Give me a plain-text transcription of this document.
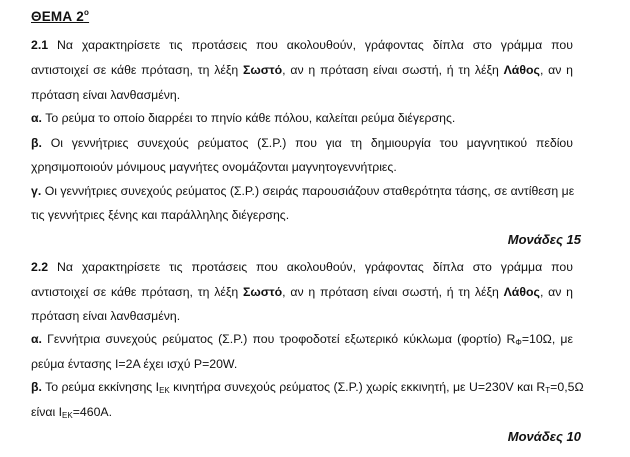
ΘΕΜΑ $2^o$
2.1 Να χαρακτηρίσετε τις προτάσεις που ακολουθούν, γράφοντας δίπλα στο γράμμα που
αντιστοιχεί σε κάθε πρόταση, τη λέξη Σωστό, αν η πρόταση είναι σωστή, ή τη λέξη Λάθος, αν η
πρόταση είναι λανθασμένη.
α. Το ρεύμα το οποίο διαρρέει το πηνίο κάθε πόλου, καλείται ρεύμα διέγερσης.
β. Οι γεννήτριες συνεχούς ρεύματος (Σ.Ρ.) που για τη δημιουργία του μαγνητικού πεδίου
χρησιμοποιούν μόνιμους μαγνήτες ονομάζονται μαγνητογεννήτριες.
γ. Οι γεννήτριες συνεχούς ρεύματος (Σ.Ρ.) σειράς παρουσιάζουν σταθερότητα τάσης, σε αντίθεση με
τις γεννήτριες ξένης και παράλληλης διέγερσης.
Μονάδες 15
2.2 Να χαρακτηρίσετε τις προτάσεις που ακολουθούν, γράφοντας δίπλα στο γράμμα που
αντιστοιχεί σε κάθε πρόταση, τη λέξη Σωστό, αν η πρόταση είναι σωστή, ή τη λέξη Λάθος, αν η
πρόταση είναι λανθασμένη.
α. Γεννήτρια συνεχούς ρεύματος (Σ.Ρ.) που τροφοδοτεί εξωτερικό κύκλωμα (φορτίο) $R_\Phi=10\Omega$, με
ρεύμα έντασης Ι=2Α έχει ισχύ P=20W.
β. Το ρεύμα εκκίνησης $I_{EK}$ κινητήρα συνεχούς ρεύματος (Σ.Ρ.) χωρίς εκκινητή, με U=230V και $R_T=0,5\Omega$
είναι $I_{EK}=460A$.
Μονάδες 10
